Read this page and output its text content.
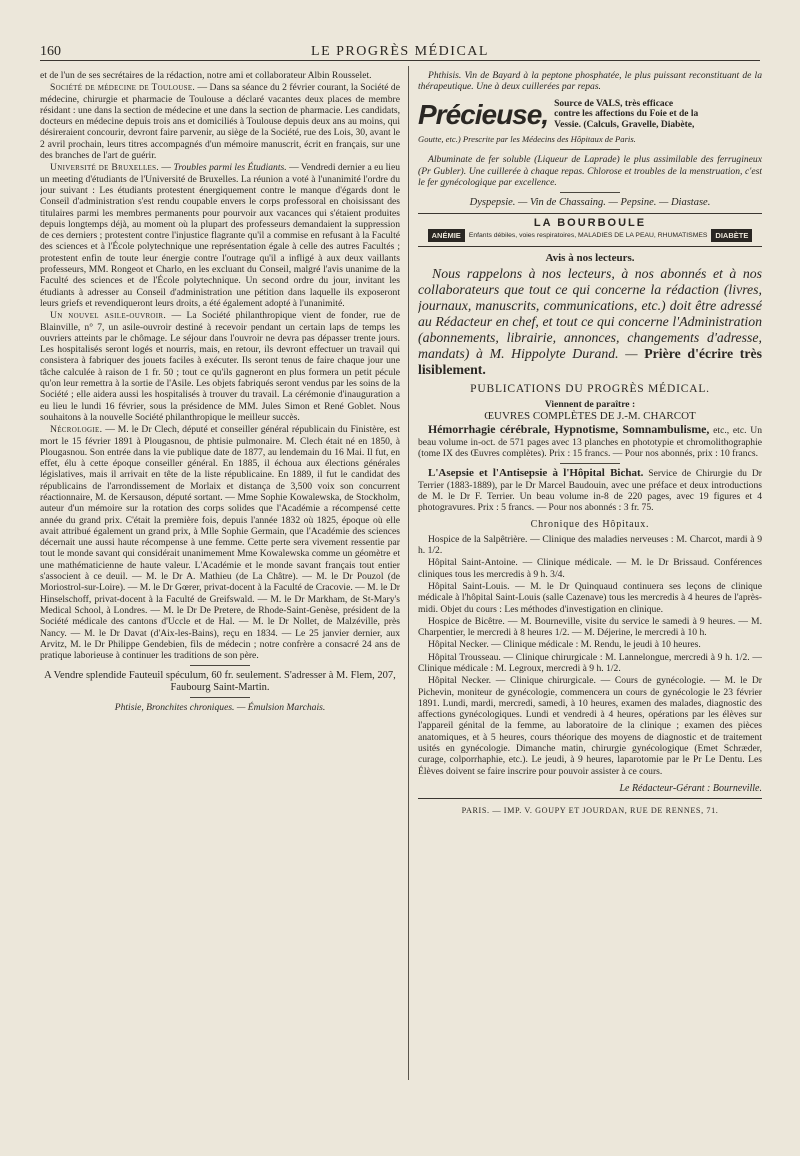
160	LE PROGRÈS MÉDICAL

et de l'un de ses secrétaires de la rédaction, notre ami et collaborateur Albin Rousselet.

Société de médecine de Toulouse. — Dans sa séance du 2 février courant, la Société de médecine, chirurgie et pharmacie de Toulouse a déclaré vacantes deux places de membre résidant : une dans la section de médecine et une dans la section de pharmacie. Les candidats, docteurs en médecine depuis trois ans et domiciliés à Toulouse depuis deux ans au moins, qui désireraient concourir, devront faire parvenir, au siège de la Société, rue des Lois, 30, avant le 2 avril prochain, leurs titres accompagnés d'un mémoire manuscrit, écrit en français, sur une des branches de l'art de guérir.

Université de Bruxelles. — Troubles parmi les Étudiants. — Vendredi dernier a eu lieu un meeting d'étudiants de l'Université de Bruxelles. La réunion a voté à l'unanimité l'ordre du jour suivant : Les étudiants protestent énergiquement contre le manque d'égards dont le Conseil d'administration s'est rendu coupable envers le corps professoral en choisissant des titulaires parmi les membres permanents pour pourvoir aux vacances qui s'étaient produites depuis longtemps déjà, au moment où la plupart des professeurs demandaient la suppression de ces derniers ; protestent contre l'injustice flagrante qu'il a commise en refusant à la Faculté des sciences et à l'École polytechnique une représentation égale à celle des autres Facultés ; protestent enfin de toute leur énergie contre l'outrage qu'il a infligé à aux deux vaillants professeurs, MM. Rongeot et Charlo, en les excluant du Conseil, malgré l'avis unanime de la Faculté des sciences et de l'École polytechnique. Un second ordre du jour, invitant les étudiants à adresser au Conseil d'administration une pétition dans laquelle ils exposeront leurs griefs et revendiqueront leurs droits, a été également adopté à l'unanimité.

Un nouvel asile-ouvroir. — La Société philanthropique vient de fonder, rue de Blainville, n° 7, un asile-ouvroir destiné à recevoir pendant un certain laps de temps les ouvriers atteints par le chômage. Le séjour dans l'ouvroir ne devra pas dépasser trente jours. Les hospitalisés seront logés et nourris, mais, en retour, ils devront effectuer un travail qui consistera à fabriquer des jouets faciles à exécuter. Ils seront tenus de faire chaque jour une tâche calculée à raison de 1 fr. 50 ; tout ce qu'ils gagneront en plus formera un petit pécule qu'on leur remettra à la sortie de l'Asile. Les objets fabriqués seront vendus par les soins de la Société ; elle aidera aussi les hospitalisés à trouver du travail. La cérémonie d'inauguration a eu lieu le lundi 16 février, sous la présidence de MM. Jules Simon et René Goblet. Nous souhaitons à la nouvelle Société philanthropique le meilleur succès.

Nécrologie. — M. le Dr Clech, député et conseiller général républicain du Finistère, est mort le 15 février 1891 à Plougasnou, de phtisie pulmonaire. M. Clech était né en 1850, à Plougasnou. Son entrée dans la vie publique date de 1877, au lendemain du 16 Mai. Il fut, en effet, élu à cette époque conseiller général. En 1885, il échoua aux élections générales législatives, mais il arrivait en tête de la liste républicaine. En 1889, il fut le candidat des républicains de l'arrondissement de Morlaix et distança de 3,500 voix son concurrent réactionnaire, M. de Kersauson, député sortant. — Mme Sophie Kowalewska, de Stockholm, auteur d'un mémoire sur la rotation des corps solides que l'Académie a récompensé cette année du grand prix. C'était la première fois, depuis l'année 1832 où 1825, époque où elle avait attribué également un grand prix, à Mlle Sophie Germain, que l'Académie des sciences décernait une aussi haute récompense à une femme. Cette perte sera vivement ressentie par tout le monde savant qui considérait unanimement Mme Kowalewska comme un géomètre et une mathématicienne de haute valeur. L'Académie et le monde savant français tout entier s'associent à ce deuil. — M. le Dr A. Mathieu (de La Châtre). — M. le Dr Pouzol (de Moriostrol-sur-Loire). — M. le Dr Gœrer, privat-docent à la Faculté de Cracovie. — M. le Dr Hinselschoff, privat-docent à la Faculté de Greifswald. — M. le Dr Markham, de St-Mary's Medical School, à Londres. — M. le Dr De Pretere, de Rhode-Saint-Genèse, président de la Société médicale des cantons d'Uccle et de Hal. — M. le Dr Nollet, de Malzéville, près Nancy. — M. le Dr Davat (d'Aix-les-Bains), reçu en 1834. — Le 25 janvier dernier, aux Arvitz, M. le Dr Philippe Gendebien, fils de médecin ; notre confrère a consacré 24 ans de pratique laborieuse à continuer les traditions de son père.

A Vendre splendide Fauteuil spéculum, 60 fr. seulement. S'adresser à M. Flem, 207, Faubourg Saint-Martin.

Phtisie, Bronchites chroniques. — Émulsion Marchais.

Phthisis. Vin de Bayard à la peptone phosphatée, le plus puissant reconstituant de la thérapeutique. Une à deux cuillerées par repas.

Précieuse, Source de VALS, très efficace
contre les affections du Foie et de la
Vessie. (Calculs, Gravelle, Diabète,

Goutte, etc.) Prescrite par les Médecins des Hôpitaux de Paris.

Albuminate de fer soluble (Liqueur de Laprade) le plus assimilable des ferrugineux (Pr Gubler). Une cuillerée à chaque repas. Chlorose et troubles de la menstruation, c'est le fer gynécologique par excellence.

Dyspepsie. — Vin de Chassaing. — Pepsine. — Diastase.

LA BOURBOULE
ANÉMIE	Enfants débiles, voies respiratoires, MALADIES DE LA PEAU, RHUMATISMES	DIABÈTE
Avis à nos lecteurs.

Nous rappelons à nos lecteurs, à nos abonnés et à nos collaborateurs que tout ce qui concerne la rédaction (livres, journaux, manuscrits, communications, etc.) doit être adressé au Rédacteur en chef, et tout ce qui concerne l'Administration (abonnements, librairie, annonces, changements d'adresse, mandats) à M. Hippolyte Durand. — Prière d'écrire très lisiblement.

PUBLICATIONS DU PROGRÈS MÉDICAL.

Viennent de paraître :

ŒUVRES COMPLÈTES DE J.-M. CHARCOT

Hémorrhagie cérébrale, Hypnotisme, Somnambulisme, etc., etc. Un beau volume in-oct. de 571 pages avec 13 planches en phototypie et chromolithographie (tome IX des Œuvres complètes). Prix : 15 francs. — Pour nos abonnés, prix : 10 francs.

L'Asepsie et l'Antisepsie à l'Hôpital Bichat. Service de Chirurgie du Dr Terrier (1883-1889), par le Dr Marcel Baudouin, avec une préface et deux introductions de M. le Dr F. Terrier. Un beau volume in-8 de 220 pages, avec 19 figures et 4 photogravures. Prix : 5 francs. — Pour nos abonnés : 3 fr. 75.

Chronique des Hôpitaux.

Hospice de la Salpêtrière. — Clinique des maladies nerveuses : M. Charcot, mardi à 9 h. 1/2.

Hôpital Saint-Antoine. — Clinique médicale. — M. le Dr Brissaud. Conférences cliniques tous les mercredis à 9 h. 3/4.

Hôpital Saint-Louis. — M. le Dr Quinquaud continuera ses leçons de clinique médicale à l'hôpital Saint-Louis (salle Cazenave) tous les mercredis à 4 heures de l'après-midi. Objet du cours : Les méthodes d'investigation en clinique.

Hospice de Bicêtre. — M. Bourneville, visite du service le samedi à 9 heures. — M. Charpentier, le mercredi à 8 heures 1/2. — M. Déjerine, le mercredi à 10 h.

Hôpital Necker. — Clinique médicale : M. Rendu, le jeudi à 10 heures.

Hôpital Trousseau. — Clinique chirurgicale : M. Lannelongue, mercredi à 9 h. 1/2. — Clinique médicale : M. Legroux, mercredi à 9 h. 1/2.

Hôpital Necker. — Clinique chirurgicale. — Cours de gynécologie. — M. le Dr Pichevin, moniteur de gynécologie, commencera un cours de gynécologie le 23 février 1891. Lundi, mardi, mercredi, samedi, à 10 heures, examen des malades, diagnostic des affections gynécologiques. Lundi et vendredi à 4 heures, opérations par les élèves sur l'appareil génital de la femme, au laboratoire de la clinique ; examen des pièces anatomiques, et à 5 heures, cours théorique des moyens de diagnostic et de traitement usités en gynécologie. Dimanche matin, chirurgie gynécologique (Emet Schræder, curage, colporrhaphie, etc.). Le jeudi, à 9 heures, laparotomie par le Pr Le Dentu. Les Élèves doivent se faire inscrire pour pouvoir assister à ce cours.

Le Rédacteur-Gérant : Bourneville.
PARIS. — IMP. V. GOUPY ET JOURDAN, RUE DE RENNES, 71.
